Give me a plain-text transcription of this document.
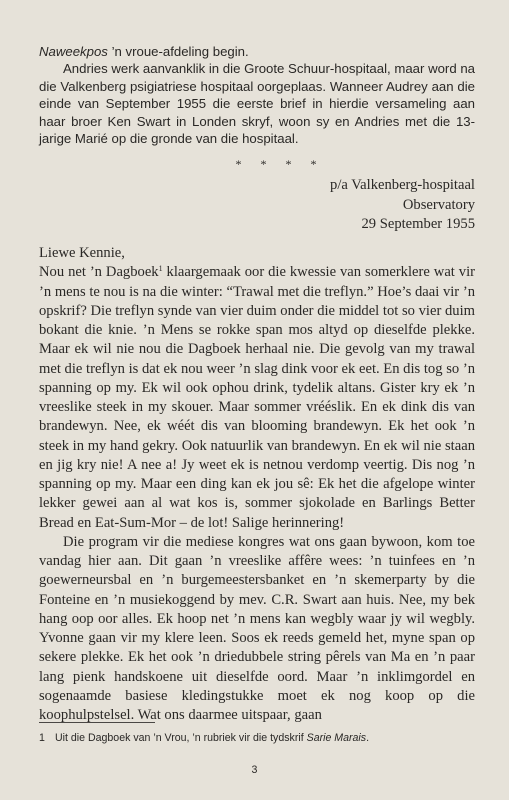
Naweekpos ’n vroue-afdeling begin.

Andries werk aanvanklik in die Groote Schuur-hospitaal, maar word na die Valkenberg psigiatriese hospitaal oorgeplaas. Wanneer Audrey aan die einde van September 1955 die eerste brief in hierdie versameling aan haar broer Ken Swart in Londen skryf, woon sy en Andries met die 13-jarige Marié op die gronde van die hospitaal.

* * * *
p/a Valkenberg-hospitaal
Observatory
29 September 1955

Liewe Kennie,

Nou net ’n Dagboek$^1$ klaargemaak oor die kwessie van somerklere wat vir ’n mens te nou is na die winter: “Trawal met die treflyn.” Hoe’s daai vir ’n opskrif? Die treflyn synde van vier duim onder die middel tot so vier duim bokant die knie. ’n Mens se rokke span mos altyd op dieselfde plekke. Maar ek wil nie nou die Dagboek herhaal nie. Die gevolg van my trawal met die treflyn is dat ek nou weer ’n slag dink voor ek eet. En dis tog so ’n spanning op my. Ek wil ook ophou drink, tydelik altans. Gister kry ek ’n vreeslike steek in my skouer. Maar sommer vrééslik. En ek dink dis van brandewyn. Nee, ek wéét dis van blooming brandewyn. Ek het ook ’n steek in my hand gekry. Ook natuurlik van brandewyn. En ek wil nie staan en jig kry nie! A nee a! Jy weet ek is netnou verdomp veertig. Dis nog ’n spanning op my. Maar een ding kan ek jou sê: Ek het die afgelope winter lekker gewei aan al wat kos is, sommer sjokolade en Barlings Better Bread en Eat-Sum-Mor – de lot! Salige herinnering!

Die program vir die mediese kongres wat ons gaan bywoon, kom toe vandag hier aan. Dit gaan ’n vreeslike affêre wees: ’n tuinfees en ’n goewerneursbal en ’n burgemeestersbanket en ’n skemerparty by die Fonteine en ’n musiekoggend by mev. C.R. Swart aan huis. Nee, my bek hang oop oor alles. Ek hoop net ’n mens kan wegbly waar jy wil wegbly. Yvonne gaan vir my klere leen. Soos ek reeds gemeld het, myne span op sekere plekke. Ek het ook ’n driedubbele string pêrels van Ma en ’n paar lang pienk handskoene uit dieselfde oord. Maar ’n inklimgordel en sogenaamde basiese kledingstukke moet ek nog koop op die koophulpstelsel. Wat ons daarmee uitspaar, gaan

1 Uit die Dagboek van ’n Vrou, ’n rubriek vir die tydskrif Sarie Marais.
3
